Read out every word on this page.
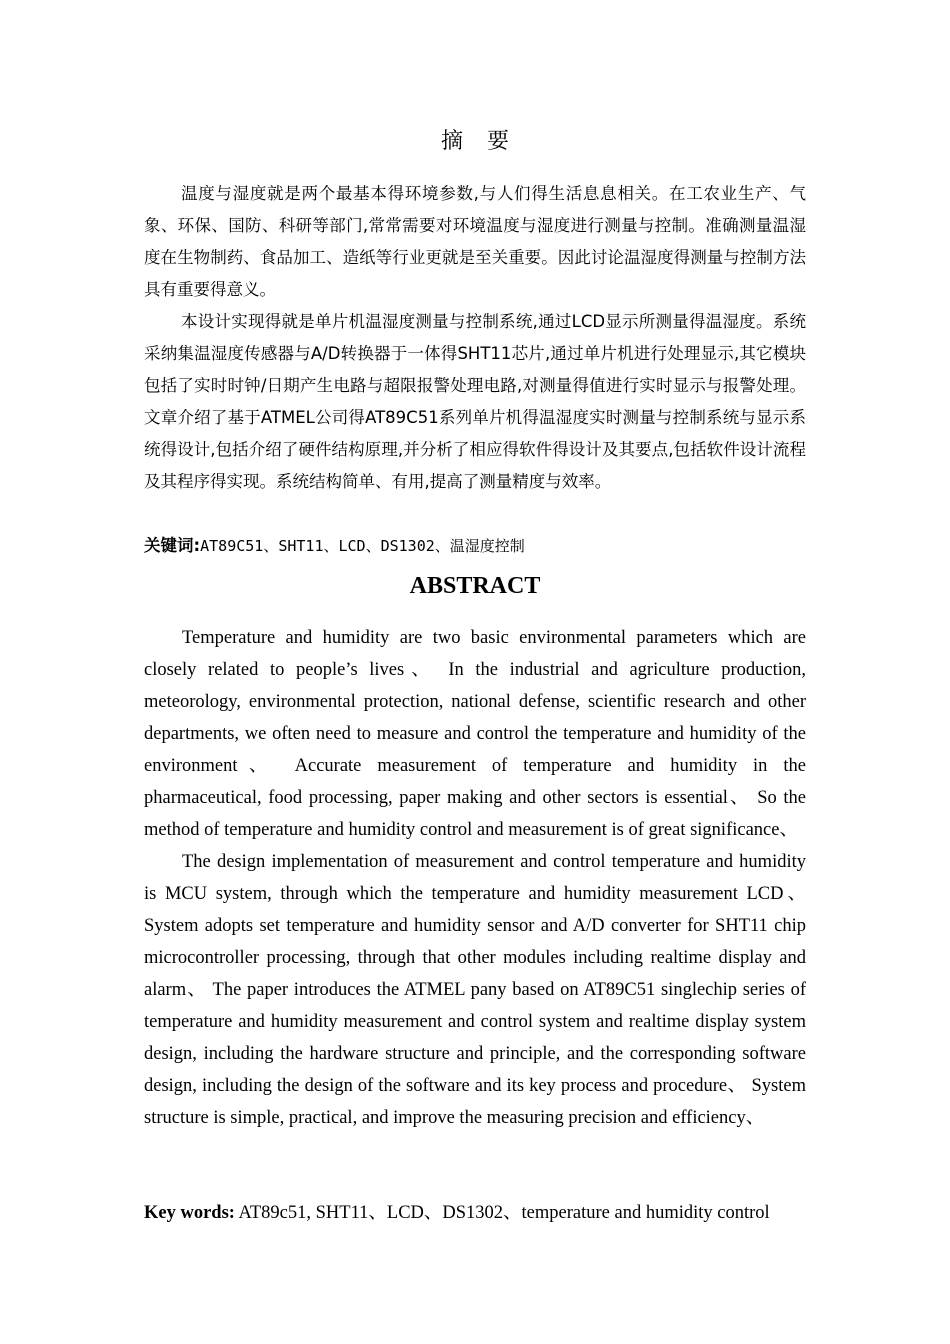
摘要

温度与湿度就是两个最基本得环境参数,与人们得生活息息相关。在工农业生产、气象、环保、国防、科研等部门,常常需要对环境温度与湿度进行测量与控制。准确测量温湿度在生物制药、食品加工、造纸等行业更就是至关重要。因此讨论温湿度得测量与控制方法具有重要得意义。

本设计实现得就是单片机温湿度测量与控制系统,通过LCD显示所测量得温湿度。系统采纳集温湿度传感器与A/D转换器于一体得SHT11芯片,通过单片机进行处理显示,其它模块包括了实时时钟/日期产生电路与超限报警处理电路,对测量得值进行实时显示与报警处理。文章介绍了基于ATMEL公司得AT89C51系列单片机得温湿度实时测量与控制系统与显示系统得设计,包括介绍了硬件结构原理,并分析了相应得软件得设计及其要点,包括软件设计流程及其程序得实现。系统结构简单、有用,提高了测量精度与效率。

关键词:AT89C51、SHT11、LCD、DS1302、温湿度控制
ABSTRACT

Temperature and humidity are two basic environmental parameters which are closely related to people’s lives、 In the industrial and agriculture production, meteorology, environmental protection, national defense, scientific research and other departments, we often need to measure and control the temperature and humidity of the environment、 Accurate measurement of temperature and humidity in the pharmaceutical, food processing, paper making and other sectors is essential、 So the method of temperature and humidity control and measurement is of great significance、

The design implementation of measurement and control temperature and humidity is MCU system, through which the temperature and humidity measurement LCD、 System adopts set temperature and humidity sensor and A/D converter for SHT11 chip microcontroller processing, through that other modules including realtime display and alarm、 The paper introduces the ATMEL pany based on AT89C51 singlechip series of temperature and humidity measurement and control system and realtime display system design, including the hardware structure and principle, and the corresponding software design, including the design of the software and its key process and procedure、 System structure is simple, practical, and improve the measuring precision and efficiency、

Key words: AT89c51, SHT11、LCD、DS1302、temperature and humidity control
